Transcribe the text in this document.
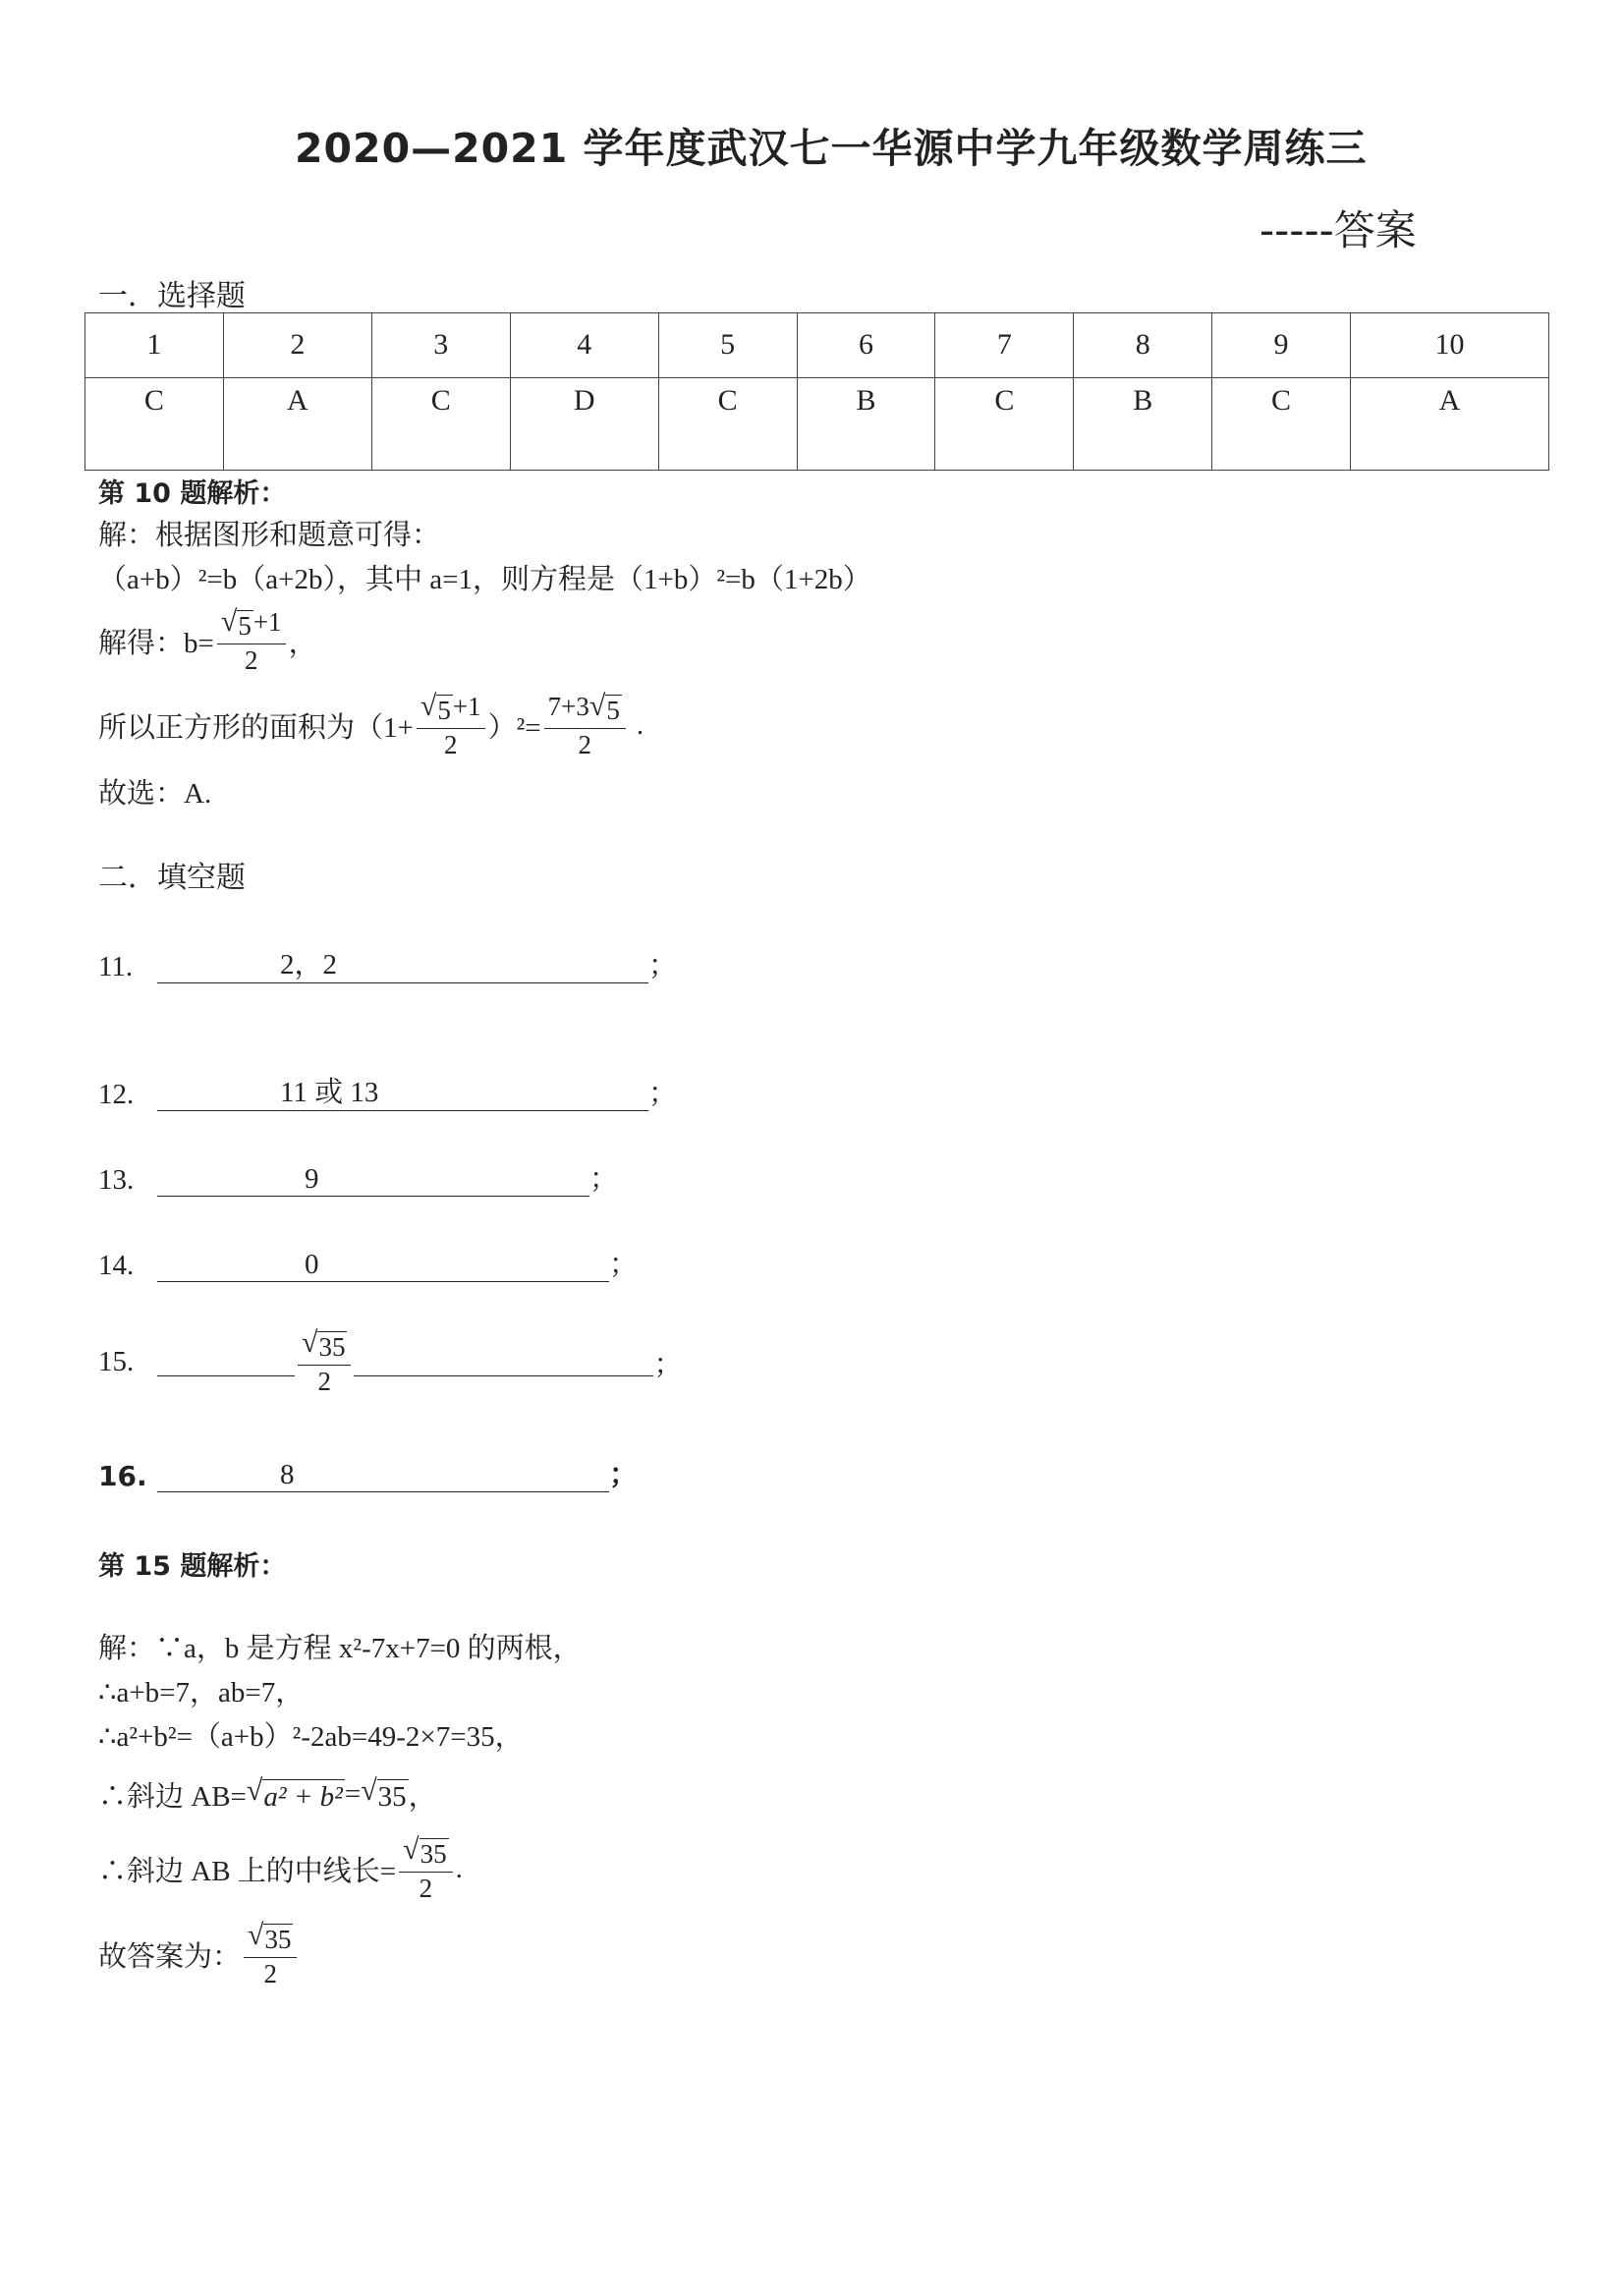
2020—2021 学年度武汉七一华源中学九年级数学周练三
-----答案
一．选择题
1	2	3	4	5	6	7	8	9	10
C	A	C	D	C	B	C	B	C	A
第 10 题解析：
解：根据图形和题意可得：
（a+b）²=b（a+2b），其中 a=1，则方程是（1+b）²=b（1+2b）
解得：$b= \frac{√ 5 +1}{2}$ ，
所以正方形的面积为$(1+ \frac{√ 5 +1}{2} )^2= \frac{7+3 √ 5}{2}$ .
故选：A.
二．填空题
11.	2，2	；
12.	11 或 13	；
13.	9	；
14.	0	；
15.	$\frac{√ 35}{2}$	；
16.	8	；
第 15 题解析：
解：∵a，b 是方程 x²-7x+7=0 的两根，
∴a+b=7，ab=7，
∴a²+b²=（a+b）²-2ab=49-2×7=35，
∴斜边 AB= √ a² + b² = √ 35 ，
∴斜边 AB 上的中线长= $\frac{√ 35}{2}$ .
故答案为： $\frac{√ 35}{2}$
